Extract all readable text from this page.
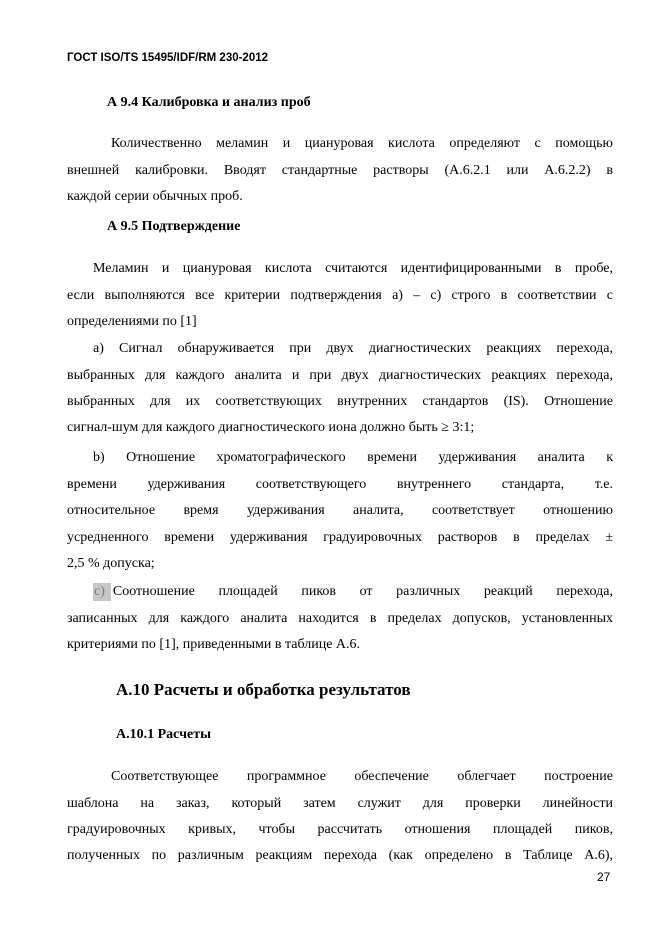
ГОСТ ISO/TS 15495/IDF/RM 230-2012
А 9.4 Калибровка и анализ проб
Количественно меламин и циануровая кислота определяют с помощью
внешней калибровки. Вводят стандартные растворы (А.6.2.1 или А.6.2.2) в
каждой серии обычных проб.
А 9.5 Подтверждение
Меламин и циануровая кислота считаются идентифицированными в пробе,
если выполняются все критерии подтверждения а) – с) строго в соответствии с
определениями по [1]
а) Сигнал обнаруживается при двух диагностических реакциях перехода,
выбранных для каждого аналита и при двух диагностических реакциях перехода,
выбранных для их соответствующих внутренних стандартов (IS). Отношение
сигнал-шум для каждого диагностического иона должно быть ≥ 3:1;
b) Отношение хроматографического времени удерживания аналита к
времени удерживания соответствующего внутреннего стандарта, т.е.
относительное время удерживания аналита, соответствует отношению
усредненного времени удерживания градуировочных растворов в пределах ±
2,5 % допуска;
c) Соотношение площадей пиков от различных реакций перехода,
записанных для каждого аналита находится в пределах допусков, установленных
критериями по [1], приведенными в таблице А.6.
А.10 Расчеты и обработка результатов
А.10.1 Расчеты
Соответствующее программное обеспечение облегчает построение
шаблона на заказ, который затем служит для проверки линейности
градуировочных кривых, чтобы рассчитать отношения площадей пиков,
полученных по различным реакциям перехода (как определено в Таблице А.6),
27
